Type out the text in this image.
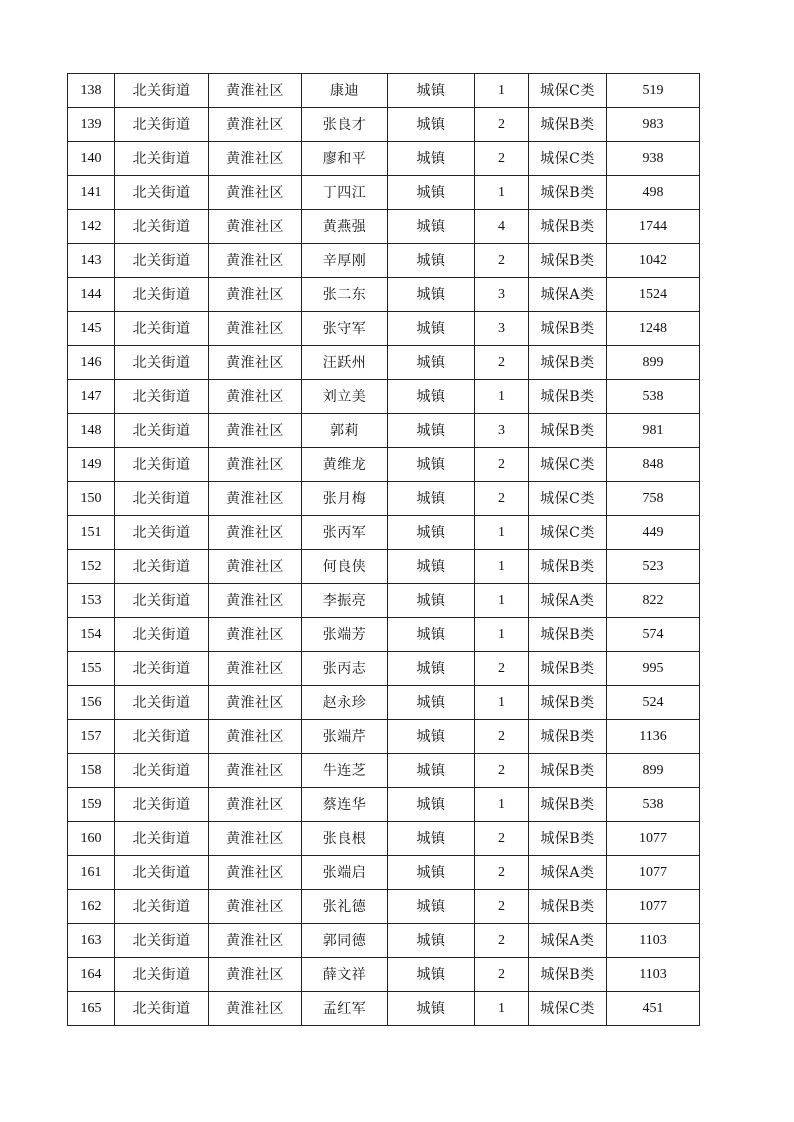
138	北关街道	黄淮社区	康迪	城镇	1	城保C类	519
139	北关街道	黄淮社区	张良才	城镇	2	城保B类	983
140	北关街道	黄淮社区	廖和平	城镇	2	城保C类	938
141	北关街道	黄淮社区	丁四江	城镇	1	城保B类	498
142	北关街道	黄淮社区	黄燕强	城镇	4	城保B类	1744
143	北关街道	黄淮社区	辛厚刚	城镇	2	城保B类	1042
144	北关街道	黄淮社区	张二东	城镇	3	城保A类	1524
145	北关街道	黄淮社区	张守军	城镇	3	城保B类	1248
146	北关街道	黄淮社区	汪跃州	城镇	2	城保B类	899
147	北关街道	黄淮社区	刘立美	城镇	1	城保B类	538
148	北关街道	黄淮社区	郭莉	城镇	3	城保B类	981
149	北关街道	黄淮社区	黄维龙	城镇	2	城保C类	848
150	北关街道	黄淮社区	张月梅	城镇	2	城保C类	758
151	北关街道	黄淮社区	张丙军	城镇	1	城保C类	449
152	北关街道	黄淮社区	何良侠	城镇	1	城保B类	523
153	北关街道	黄淮社区	李振亮	城镇	1	城保A类	822
154	北关街道	黄淮社区	张端芳	城镇	1	城保B类	574
155	北关街道	黄淮社区	张丙志	城镇	2	城保B类	995
156	北关街道	黄淮社区	赵永珍	城镇	1	城保B类	524
157	北关街道	黄淮社区	张端芹	城镇	2	城保B类	1136
158	北关街道	黄淮社区	牛连芝	城镇	2	城保B类	899
159	北关街道	黄淮社区	蔡连华	城镇	1	城保B类	538
160	北关街道	黄淮社区	张良根	城镇	2	城保B类	1077
161	北关街道	黄淮社区	张端启	城镇	2	城保A类	1077
162	北关街道	黄淮社区	张礼德	城镇	2	城保B类	1077
163	北关街道	黄淮社区	郭同德	城镇	2	城保A类	1103
164	北关街道	黄淮社区	薛文祥	城镇	2	城保B类	1103
165	北关街道	黄淮社区	孟红军	城镇	1	城保C类	451
